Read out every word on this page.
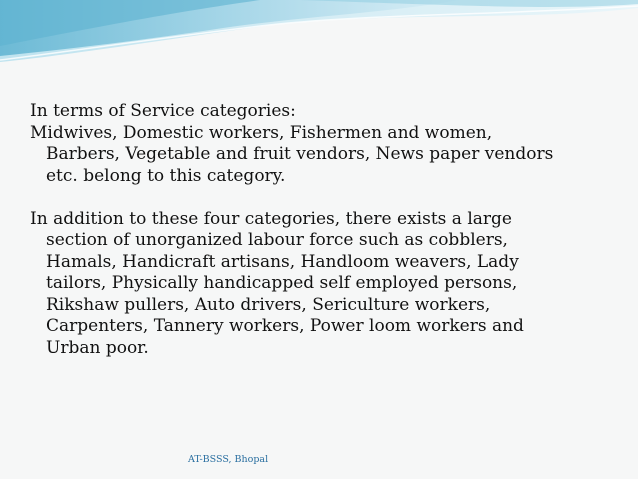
In terms of Service categories:

Midwives, Domestic workers, Fishermen and women,
Barbers, Vegetable and fruit vendors, News paper vendors
etc. belong to this category.

In addition to these four categories, there exists a large
section of unorganized labour force such as cobblers,
Hamals, Handicraft artisans, Handloom weavers, Lady
tailors, Physically handicapped self employed persons,
Rikshaw pullers, Auto drivers, Sericulture workers,
Carpenters, Tannery workers, Power loom workers and
Urban poor.

AT-BSSS, Bhopal
